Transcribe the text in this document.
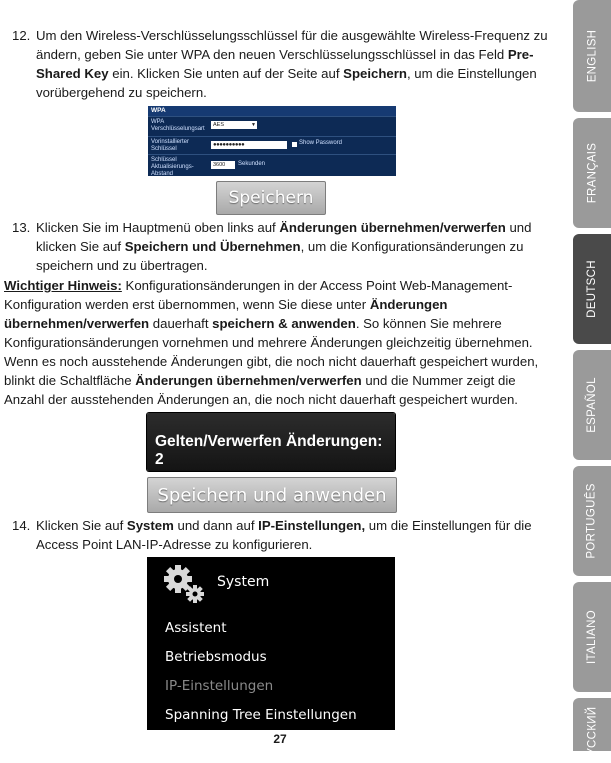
12. Um den Wireless-Verschlüsselungsschlüssel für die ausgewählte Wireless-Frequenz zu ändern, geben Sie unter WPA den neuen Verschlüsselungsschlüssel in das Feld Pre-Shared Key ein. Klicken Sie unten auf der Seite auf Speichern, um die Einstellungen vorübergehend zu speichern.
WPA
WPA Verschlüsselungsart
AES ▼
Vorinstallierter Schlüssel
●●●●●●●●●●	Show Password
Schlüssel Aktualisierungs-Abstand
3600	Sekunden
Speichern
13. Klicken Sie im Hauptmenü oben links auf Änderungen übernehmen/verwerfen und klicken Sie auf Speichern und Übernehmen, um die Konfigurationsänderungen zu speichern und zu übertragen.
Wichtiger Hinweis: Konfigurationsänderungen in der Access Point Web-Management-Konfiguration werden erst übernommen, wenn Sie diese unter Änderungen übernehmen/verwerfen dauerhaft speichern & anwenden. So können Sie mehrere Konfigurationsänderungen vornehmen und mehrere Änderungen gleichzeitig übernehmen. Wenn es noch ausstehende Änderungen gibt, die noch nicht dauerhaft gespeichert wurden, blinkt die Schaltfläche Änderungen übernehmen/verwerfen und die Nummer zeigt die Anzahl der ausstehenden Änderungen an, die noch nicht dauerhaft gespeichert wurden.
Gelten/Verwerfen Änderungen: 2
Speichern und anwenden
14. Klicken Sie auf System und dann auf IP-Einstellungen, um die Einstellungen für die Access Point LAN-IP-Adresse zu konfigurieren.
System
Assistent
Betriebsmodus
IP-Einstellungen
Spanning Tree Einstellungen
27
ENGLISH
FRANÇAIS
DEUTSCH
ESPAÑOL
PORTUGUÊS
ITALIANO
РУССКИЙ
